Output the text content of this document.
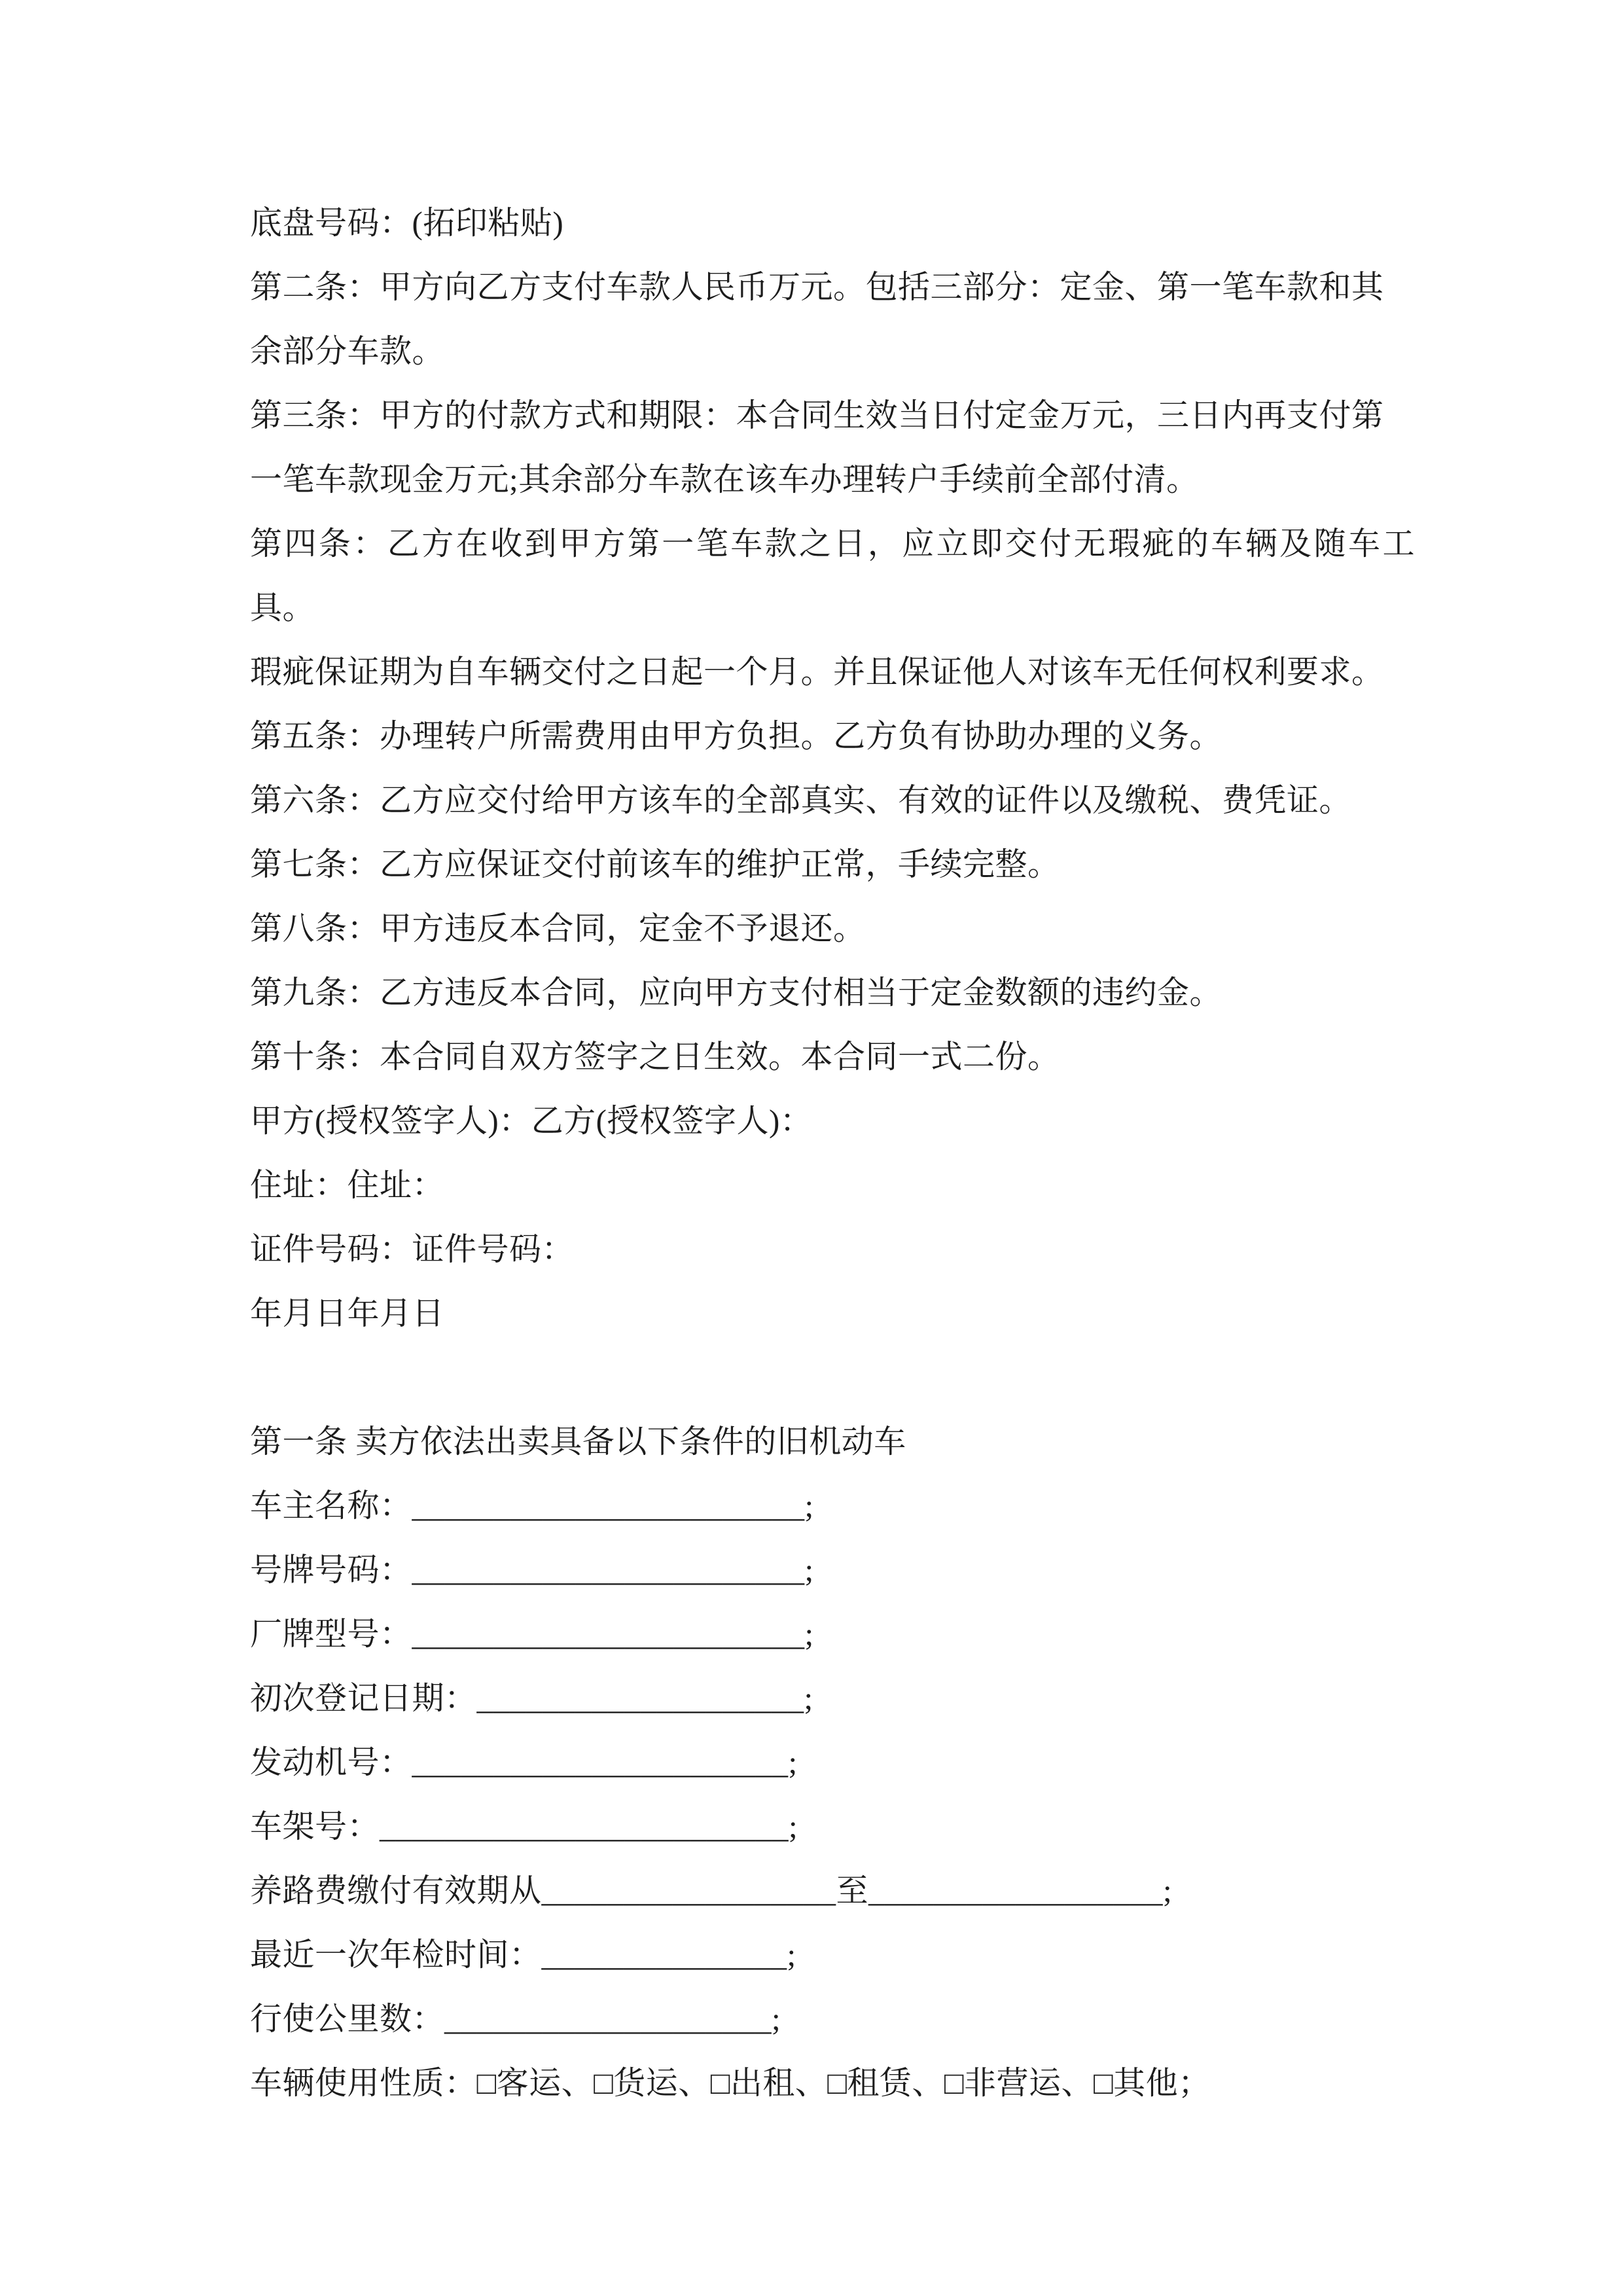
底盘号码：(拓印粘贴)

第二条：甲方向乙方支付车款人民币万元。包括三部分：定金、第一笔车款和其

余部分车款。

第三条：甲方的付款方式和期限：本合同生效当日付定金万元，三日内再支付第

一笔车款现金万元;其余部分车款在该车办理转户手续前全部付清。

第四条：乙方在收到甲方第一笔车款之日，应立即交付无瑕疵的车辆及随车工具。

瑕疵保证期为自车辆交付之日起一个月。并且保证他人对该车无任何权利要求。

第五条：办理转户所需费用由甲方负担。乙方负有协助办理的义务。

第六条：乙方应交付给甲方该车的全部真实、有效的证件以及缴税、费凭证。

第七条：乙方应保证交付前该车的维护正常，手续完整。

第八条：甲方违反本合同，定金不予退还。

第九条：乙方违反本合同，应向甲方支付相当于定金数额的违约金。

第十条：本合同自双方签字之日生效。本合同一式二份。

甲方(授权签字人)：乙方(授权签字人)：

住址：住址：

证件号码：证件号码：

年月日年月日

第一条 卖方依法出卖具备以下条件的旧机动车

车主名称：________________________;

号牌号码：________________________;

厂牌型号：________________________;

初次登记日期：____________________;

发动机号：_______________________;

车架号：_________________________;

养路费缴付有效期从__________________至__________________;

最近一次年检时间：_______________;

行使公里数：____________________;

车辆使用性质：□客运、□货运、□出租、□租赁、□非营运、□其他；
